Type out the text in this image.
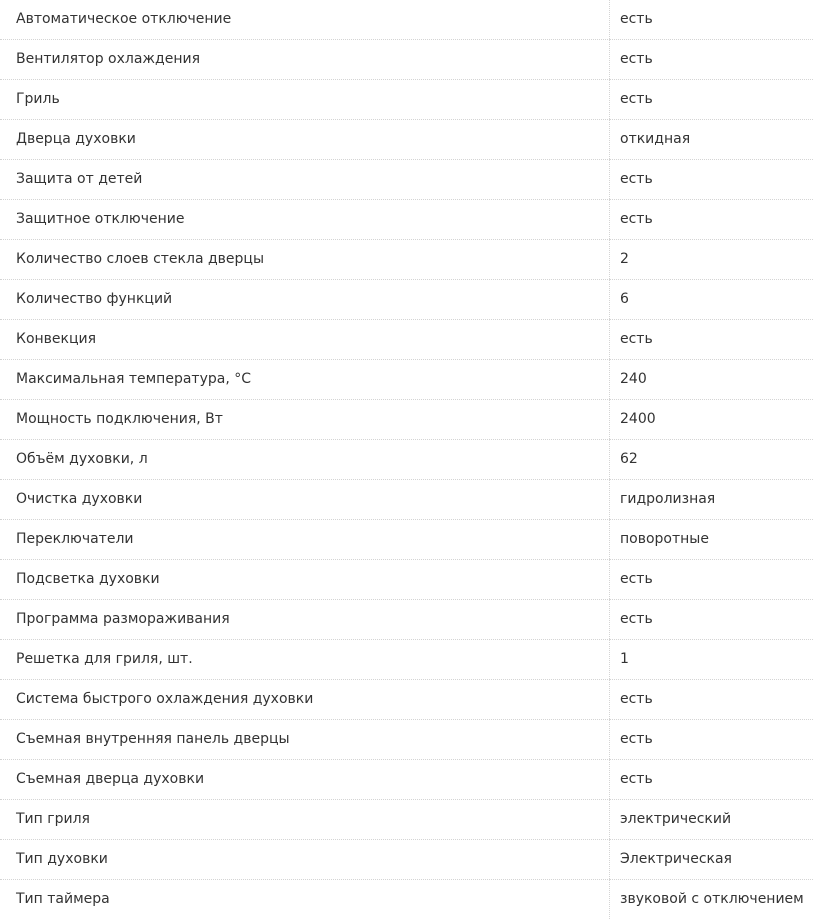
Автоматическое отключение	есть
Вентилятор охлаждения	есть
Гриль	есть
Дверца духовки	откидная
Защита от детей	есть
Защитное отключение	есть
Количество слоев стекла дверцы	2
Количество функций	6
Конвекция	есть
Максимальная температура, °С	240
Мощность подключения, Вт	2400
Объём духовки, л	62
Очистка духовки	гидролизная
Переключатели	поворотные
Подсветка духовки	есть
Программа размораживания	есть
Решетка для гриля, шт.	1
Система быстрого охлаждения духовки	есть
Съемная внутренняя панель дверцы	есть
Съемная дверца духовки	есть
Тип гриля	электрический
Тип духовки	Электрическая
Тип таймера	звуковой с отключением
